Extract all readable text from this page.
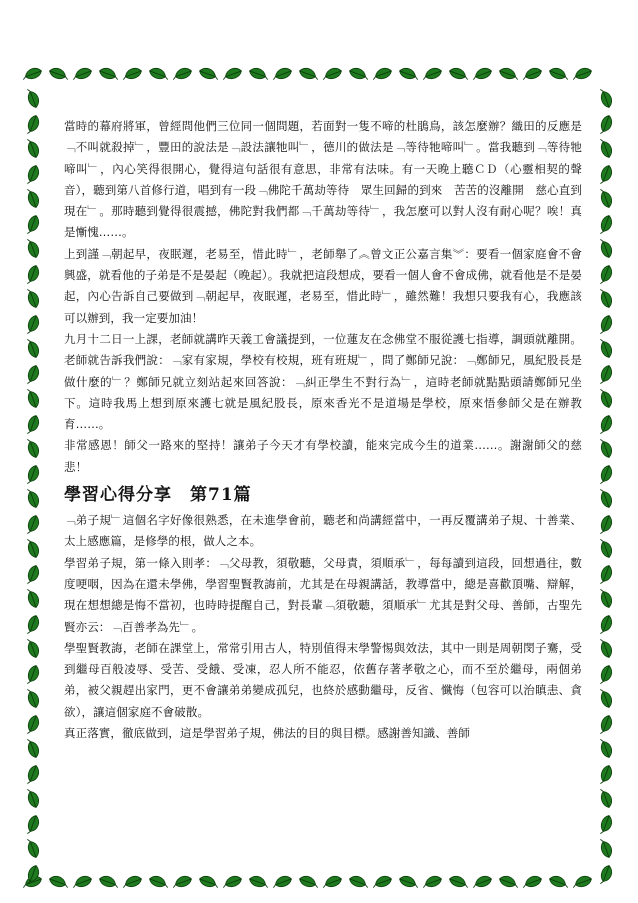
當時的幕府將軍，曾經問他們三位同一個問題，若面對一隻不啼的杜鵑鳥，該怎麼辦？織田的反應是﹁不叫就殺掉﹂，豐田的說法是﹁設法讓牠叫﹂，德川的做法是﹁等待牠啼叫﹂。當我聽到﹁等待牠啼叫﹂，內心笑得很開心，覺得這句話很有意思，非常有法味。有一天晚上聽ＣＤ（心靈相契的聲音），聽到第八首修行道，唱到有一段﹁佛陀千萬劫等待　眾生回歸的到來　苦苦的沒離開　慈心直到現在﹂。那時聽到覺得很震撼，佛陀對我們都﹁千萬劫等待﹂，我怎麼可以對人沒有耐心呢？唉！真是慚愧……。

上到謹﹁朝起早，夜眠遲，老易至，惜此時﹂，老師舉了︽曾文正公嘉言集︾：要看一個家庭會不會興盛，就看他的子弟是不是晏起（晚起）。我就把這段想成，要看一個人會不會成佛，就看他是不是晏起，內心告訴自己要做到﹁朝起早，夜眠遲，老易至，惜此時﹂，雖然難！我想只要我有心，我應該可以辦到，我一定要加油！

九月十二日一上課，老師就講昨天義工會議提到，一位蓮友在念佛堂不服從護七指導，調頭就離開。老師就告訴我們說：﹁家有家規，學校有校規，班有班規﹂，問了鄭師兄說：﹁鄭師兄，風紀股長是做什麼的﹂？鄭師兄就立刻站起來回答說：﹁糾正學生不對行為﹂，這時老師就點點頭請鄭師兄坐下。這時我馬上想到原來護七就是風紀股長，原來香光不是道場是學校，原來悟參師父是在辦教育……。

非常感恩！師父一路來的堅持！讓弟子今天才有學校讀，能來完成今生的道業……。謝謝師父的慈悲！

學習心得分享　第71篇

﹁弟子規﹂這個名字好像很熟悉，在未進學會前，聽老和尚講經當中，一再反覆講弟子規、十善業、太上感應篇，是修學的根，做人之本。

學習弟子規，第一條入則孝：﹁父母教，須敬聽，父母責，須順承﹂，每每讀到這段，回想過往，數度哽咽，因為在還未學佛，學習聖賢教誨前，尤其是在母親講話，教導當中，總是喜歡頂嘴、辯解，現在想想總是悔不當初，也時時提醒自己，對長輩﹁須敬聽，須順承﹂尤其是對父母、善師，古聖先賢亦云：﹁百善孝為先﹂。

學聖賢教誨，老師在課堂上，常常引用古人，特別值得末學警惕與效法，其中一則是周朝閔子騫，受到繼母百般凌辱、受苦、受餓、受凍，忍人所不能忍，依舊存著孝敬之心，而不至於繼母，兩個弟弟，被父親趕出家門，更不會讓弟弟變成孤兒，也終於感動繼母，反省、懺悔（包容可以治瞋恚、貪欲），讓這個家庭不會破散。

真正落實，徹底做到，這是學習弟子規，佛法的目的與目標。感謝善知識、善師
